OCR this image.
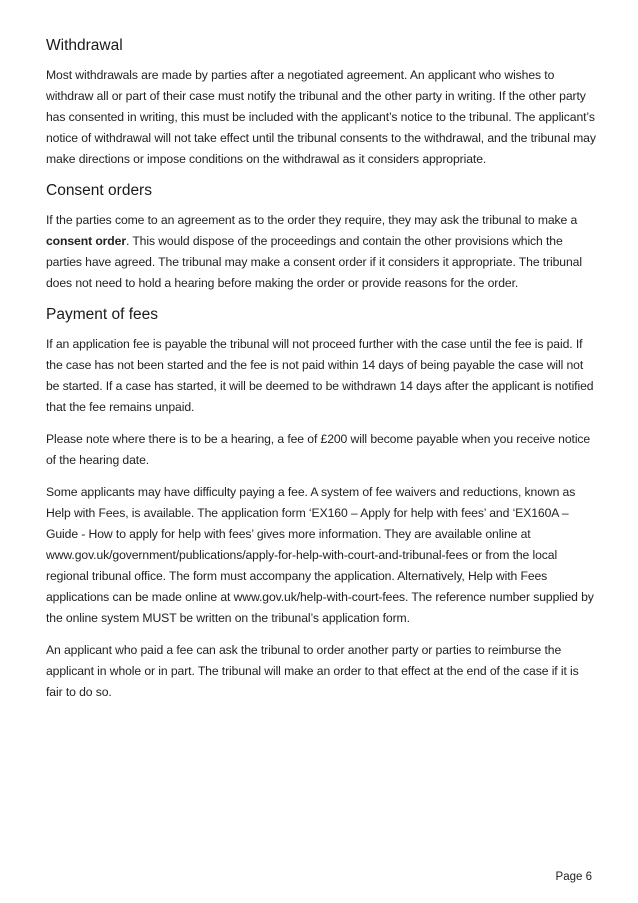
Withdrawal

Most withdrawals are made by parties after a negotiated agreement. An applicant who wishes to withdraw all or part of their case must notify the tribunal and the other party in writing. If the other party has consented in writing, this must be included with the applicant’s notice to the tribunal. The applicant’s notice of withdrawal will not take effect until the tribunal consents to the withdrawal, and the tribunal may make directions or impose conditions on the withdrawal as it considers appropriate.

Consent orders

If the parties come to an agreement as to the order they require, they may ask the tribunal to make a consent order. This would dispose of the proceedings and contain the other provisions which the parties have agreed. The tribunal may make a consent order if it considers it appropriate. The tribunal does not need to hold a hearing before making the order or provide reasons for the order.

Payment of fees

If an application fee is payable the tribunal will not proceed further with the case until the fee is paid. If the case has not been started and the fee is not paid within 14 days of being payable the case will not be started. If a case has started, it will be deemed to be withdrawn 14 days after the applicant is notified that the fee remains unpaid.

Please note where there is to be a hearing, a fee of £200 will become payable when you receive notice of the hearing date.

Some applicants may have difficulty paying a fee. A system of fee waivers and reductions, known as Help with Fees, is available. The application form ‘EX160 – Apply for help with fees’ and ‘EX160A – Guide - How to apply for help with fees’ gives more information. They are available online at www.gov.uk/government/publications/apply-for-help-with-court-and-tribunal-fees or from the local regional tribunal office. The form must accompany the application. Alternatively, Help with Fees applications can be made online at www.gov.uk/help-with-court-fees. The reference number supplied by the online system MUST be written on the tribunal’s application form.

An applicant who paid a fee can ask the tribunal to order another party or parties to reimburse the applicant in whole or in part. The tribunal will make an order to that effect at the end of the case if it is fair to do so.

Page 6
